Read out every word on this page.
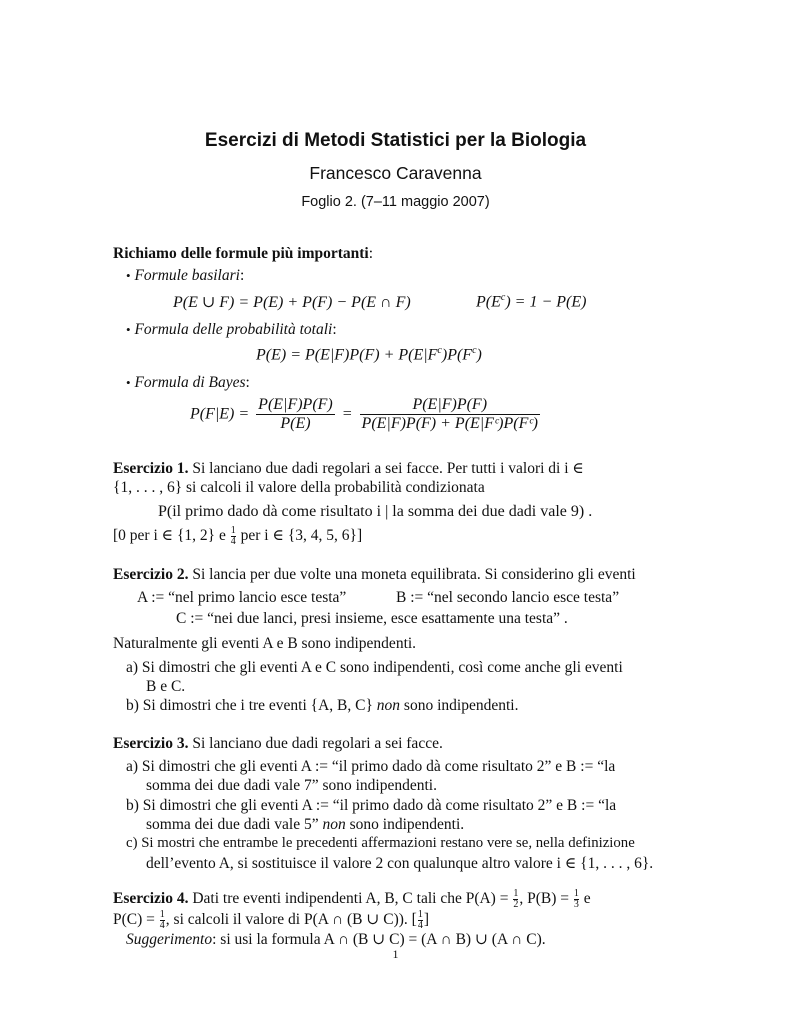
Esercizi di Metodi Statistici per la Biologia
Francesco Caravenna
Foglio 2. (7–11 maggio 2007)
Richiamo delle formule più importanti:
• Formule basilari:
P(E ∪ F) = P(E) + P(F) − P(E ∩ F)	$P(E^c) = 1 - P(E)$
• Formula delle probabilità totali:
$P(E) = P(E|F)P(F) + P(E|F^c)P(F^c)$
• Formula di Bayes:
$P(F|E) = \frac{P(E|F)P(F)}{P(E)} = \frac{P(E|F)P(F)}{\text{P(E|F)P(F) + P(E|Fᶜ)P(Fᶜ)}}$
Esercizio 1. Si lanciano due dadi regolari a sei facce. Per tutti i valori di i ∈
{1, . . . , 6} si calcoli il valore della probabilità condizionata
P(il primo dado dà come risultato i | la somma dei due dadi vale 9) .
[0 per i ∈ {1, 2} e $\frac{1}{4}$ per i ∈ {3, 4, 5, 6}]
Esercizio 2. Si lancia per due volte una moneta equilibrata. Si considerino gli eventi
A := “nel primo lancio esce testa”	B := “nel secondo lancio esce testa”
C := “nei due lanci, presi insieme, esce esattamente una testa” .
Naturalmente gli eventi A e B sono indipendenti.
a) Si dimostri che gli eventi A e C sono indipendenti, così come anche gli eventi
B e C.
b) Si dimostri che i tre eventi {A, B, C} non sono indipendenti.
Esercizio 3. Si lanciano due dadi regolari a sei facce.
a) Si dimostri che gli eventi A := “il primo dado dà come risultato 2” e B := “la
somma dei due dadi vale 7” sono indipendenti.
b) Si dimostri che gli eventi A := “il primo dado dà come risultato 2” e B := “la
somma dei due dadi vale 5” non sono indipendenti.
c) Si mostri che entrambe le precedenti affermazioni restano vere se, nella definizione
dell’evento A, si sostituisce il valore 2 con qualunque altro valore i ∈ {1, . . . , 6}.
Esercizio 4. Dati tre eventi indipendenti A, B, C tali che $P(A) = \frac{1}{2}$ , $P(B) = \frac{1}{3}$ e
$P(C) = \frac{1}{4}$ , si calcoli il valore di P(A ∩ (B ∪ C)). [ $\frac{1}{4}$ ]
Suggerimento: si usi la formula A ∩ (B ∪ C) = (A ∩ B) ∪ (A ∩ C).
1
